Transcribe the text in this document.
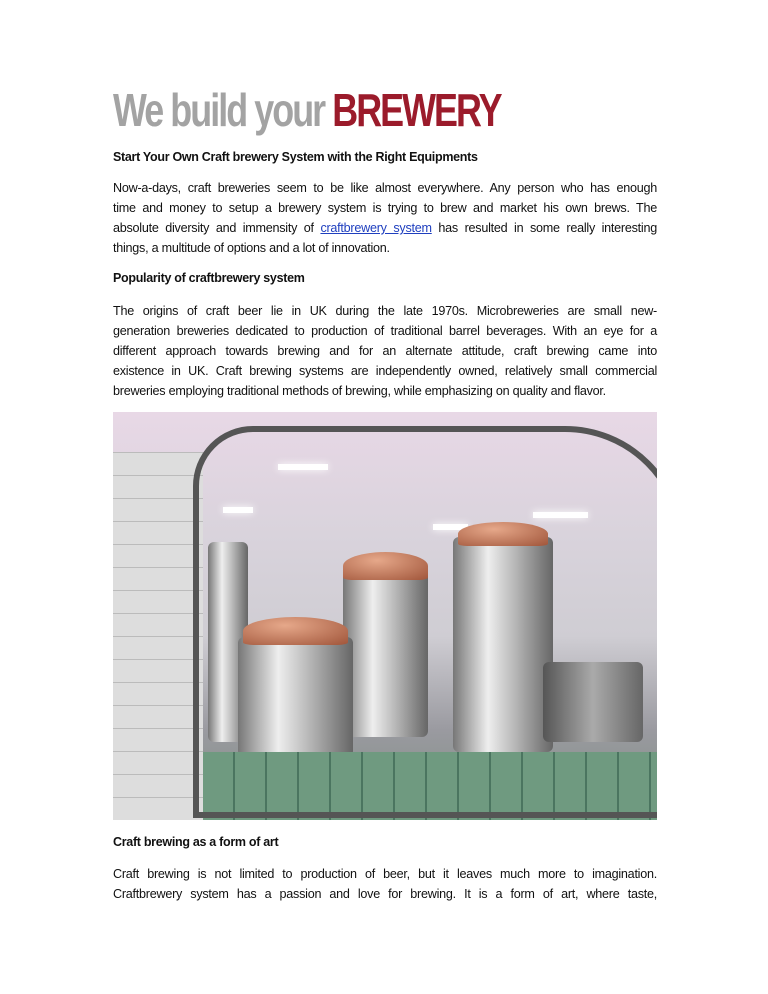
We build your BREWERY
Start Your Own Craft brewery System with the Right Equipments
Now-a-days, craft breweries seem to be like almost everywhere. Any person who has enough
time and money to setup a brewery system is trying to brew and market his own brews. The
absolute diversity and immensity of craftbrewery system has resulted in some really interesting
things, a multitude of options and a lot of innovation.
Popularity of craftbrewery system
The origins of craft beer lie in UK during the late 1970s. Microbreweries are small new-
generation breweries dedicated to production of traditional barrel beverages. With an eye for a
different approach towards brewing and for an alternate attitude, craft brewing came into
existence in UK. Craft brewing systems are independently owned, relatively small commercial
breweries employing traditional methods of brewing, while emphasizing on quality and flavor.
Craft brewing as a form of art
Craft brewing is not limited to production of beer, but it leaves much more to imagination.
Craftbrewery system has a passion and love for brewing. It is a form of art, where taste,
